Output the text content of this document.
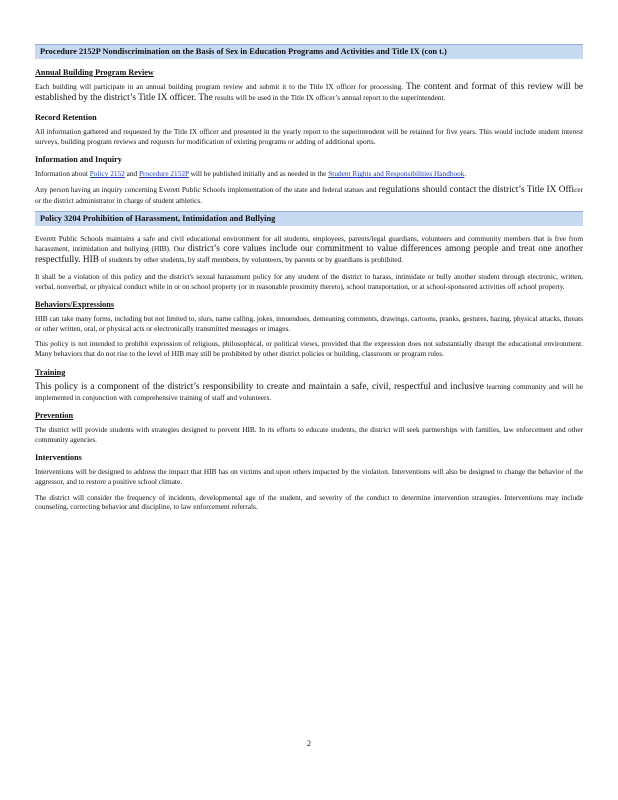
Procedure 2152P Nondiscrimination on the Basis of Sex in Education Programs and Activities and Title IX (con t.)
Annual Building Program Review

Each building will participate in an annual building program review and submit it to the Title IX officer for processing. The content and format of this review will be established by the district’s Title IX officer. The results will be used in the Title IX officer’s annual report to the superintendent.

Record Retention

All information gathered and requested by the Title IX officer and presented in the yearly report to the superintendent will be retained for five years. This would include student interest surveys, building program reviews and requests for modification of existing programs or adding of additional sports.

Information and Inquiry

Information about Policy 2152 and Procedure 2152P will be published initially and as needed in the Student Rights and Responsibilities Handbook.

Any person having an inquiry concerning Everett Public Schools implementation of the state and federal statues and regulations should contact the district’s Title IX Officer or the district administrator in charge of student athletics.

Policy 3204 Prohibition of Harassment, Intimidation and Bullying

Everett Public Schools maintains a safe and civil educational environment for all students, employees, parents/legal guardians, volunteers and community members that is free from harassment, intimidation and bullying (HIB). Our district’s core values include our commitment to value differences among people and treat one another respectfully. HIB of students by other students, by staff members, by volunteers, by parents or by guardians is prohibited.

It shall be a violation of this policy and the district's sexual harassment policy for any student of the district to harass, intimidate or bully another student through electronic, written, verbal, nonverbal, or physical conduct while in or on school property (or in reasonable proximity thereto), school transportation, or at school-sponsored activities off school property.

Behaviors/Expressions

HIB can take many forms, including but not limited to, slurs, name calling, jokes, innuendoes, demeaning comments, drawings, cartoons, pranks, gestures, hazing, physical attacks, threats or other written, oral, or physical acts or electronically transmitted messages or images.

This policy is not intended to prohibit expression of religious, philosophical, or political views, provided that the expression does not substantially disrupt the educational environment. Many behaviors that do not rise to the level of HIB may still be prohibited by other district policies or building, classroom or program rules.

Training

This policy is a component of the district’s responsibility to create and maintain a safe, civil, respectful and inclusive learning community and will be implemented in conjunction with comprehensive training of staff and volunteers.

Prevention

The district will provide students with strategies designed to prevent HIB. In its efforts to educate students, the district will seek partnerships with families, law enforcement and other community agencies.

Interventions

Interventions will be designed to address the impact that HIB has on victims and upon others impacted by the violation. Interventions will also be designed to change the behavior of the aggressor, and to restore a positive school climate.

The district will consider the frequency of incidents, developmental age of the student, and severity of the conduct to determine intervention strategies. Interventions may include counseling, correcting behavior and discipline, to law enforcement referrals.

2
